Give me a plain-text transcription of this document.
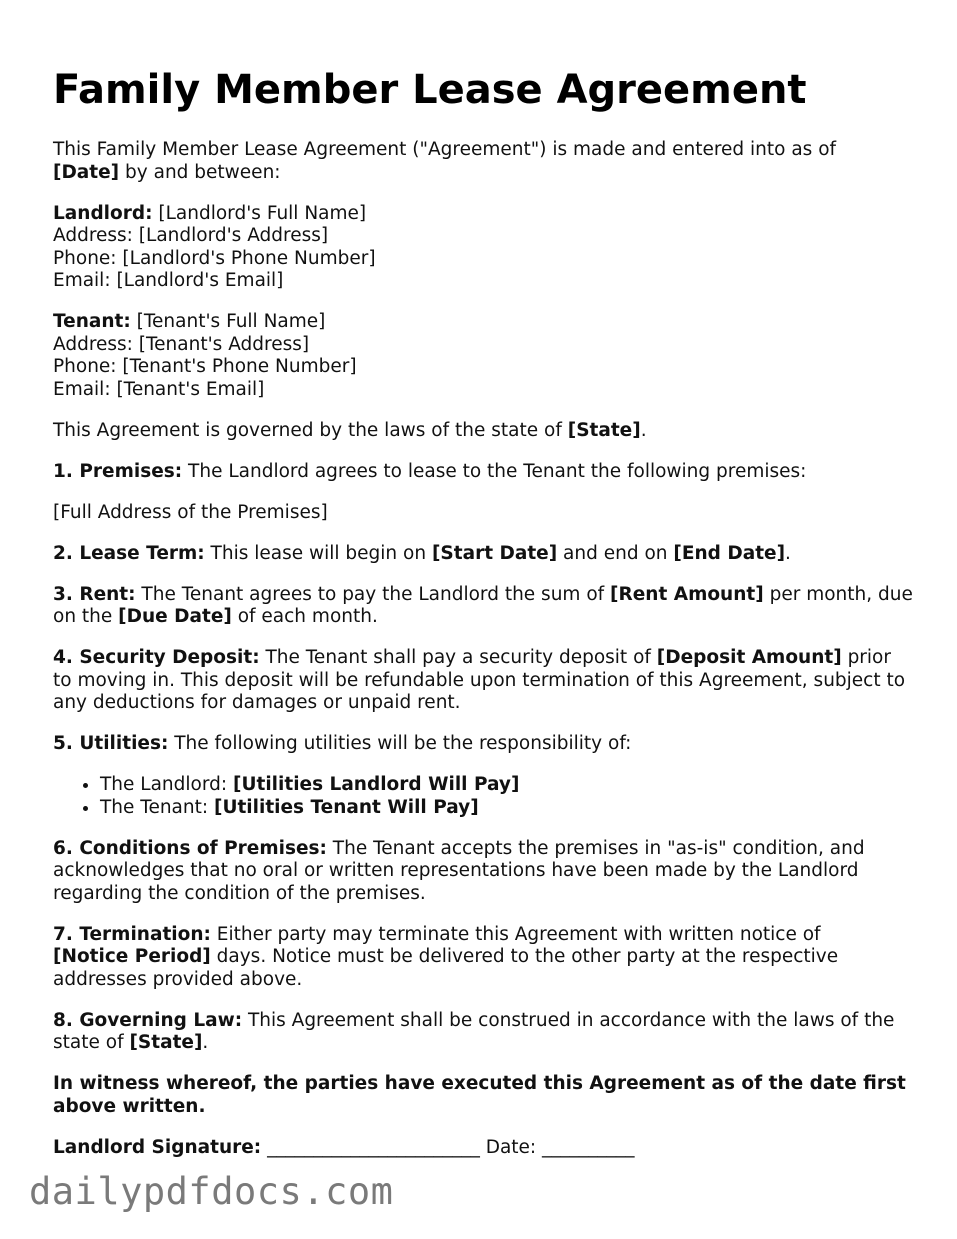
Family Member Lease Agreement

This Family Member Lease Agreement ("Agreement") is made and entered into as of
[Date] by and between:

Landlord: [Landlord's Full Name]
Address: [Landlord's Address]
Phone: [Landlord's Phone Number]
Email: [Landlord's Email]

Tenant: [Tenant's Full Name]
Address: [Tenant's Address]
Phone: [Tenant's Phone Number]
Email: [Tenant's Email]

This Agreement is governed by the laws of the state of [State].

1. Premises: The Landlord agrees to lease to the Tenant the following premises:

[Full Address of the Premises]

2. Lease Term: This lease will begin on [Start Date] and end on [End Date].

3. Rent: The Tenant agrees to pay the Landlord the sum of [Rent Amount] per month, due on the [Due Date] of each month.

4. Security Deposit: The Tenant shall pay a security deposit of [Deposit Amount] prior to moving in. This deposit will be refundable upon termination of this Agreement, subject to any deductions for damages or unpaid rent.

5. Utilities: The following utilities will be the responsibility of:

• The Landlord: [Utilities Landlord Will Pay]
• The Tenant: [Utilities Tenant Will Pay]

6. Conditions of Premises: The Tenant accepts the premises in "as-is" condition, and acknowledges that no oral or written representations have been made by the Landlord regarding the condition of the premises.

7. Termination: Either party may terminate this Agreement with written notice of
[Notice Period] days. Notice must be delivered to the other party at the respective addresses provided above.

8. Governing Law: This Agreement shall be construed in accordance with the laws of the state of [State].

In witness whereof, the parties have executed this Agreement as of the date first above written.

Landlord Signature: _______________________ Date: __________

dailypdfdocs.com
